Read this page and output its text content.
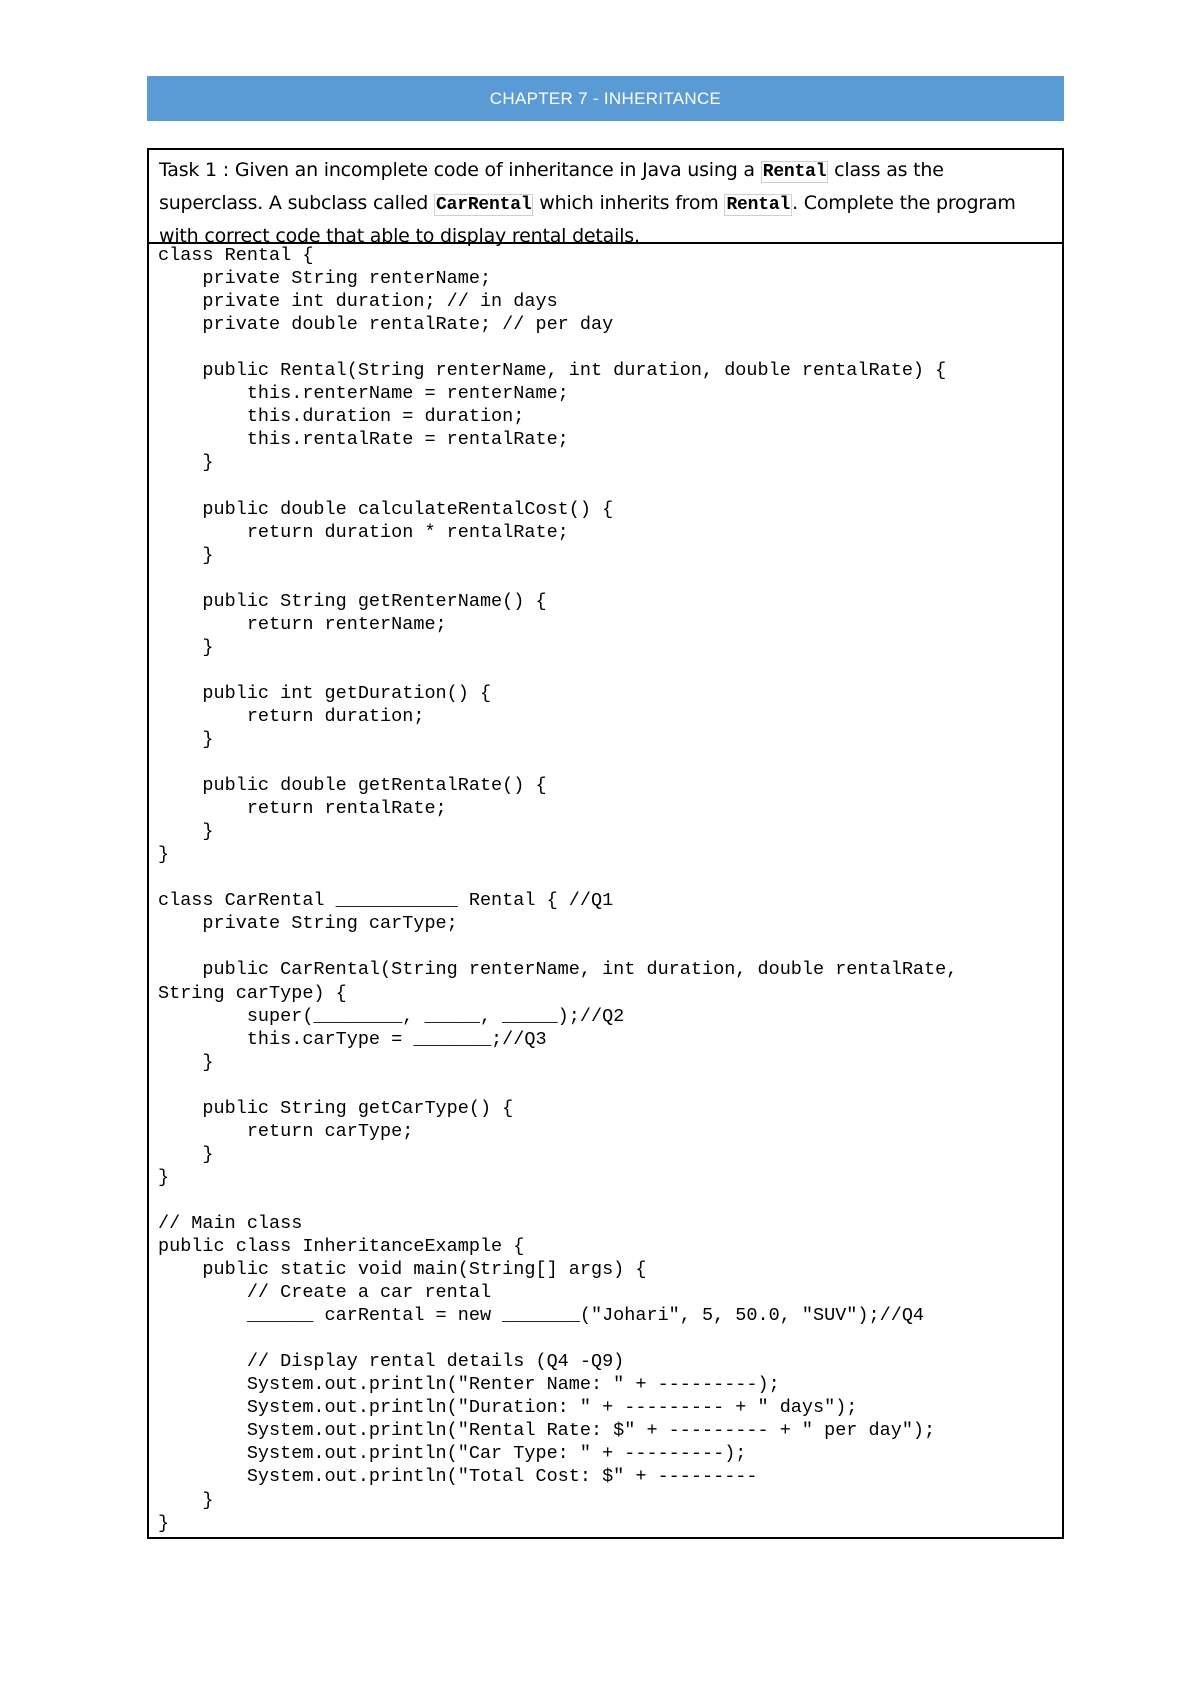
CHAPTER 7 - INHERITANCE
Task 1 : Given an incomplete code of inheritance in Java using a Rental class as the superclass. A subclass called CarRental which inherits from Rental . Complete the program with correct code that able to display rental details.
class Rental {
private String renterName;
private int duration; // in days
private double rentalRate; // per day
public Rental(String renterName, int duration, double rentalRate) {
this.renterName = renterName;
this.duration = duration;
this.rentalRate = rentalRate;
}
public double calculateRentalCost() {
return duration * rentalRate;
}
public String getRenterName() {
return renterName;
}
public int getDuration() {
return duration;
}
public double getRentalRate() {
return rentalRate;
}
}
class CarRental ___________ Rental { //Q1
private String carType;
public CarRental(String renterName, int duration, double rentalRate,
String carType) {
super(________, _____, _____);//Q2
this.carType = _______;//Q3
}
public String getCarType() {
return carType;
}
}
// Main class
public class InheritanceExample {
public static void main(String[] args) {
// Create a car rental
______ carRental = new _______("Johari", 5, 50.0, "SUV");//Q4
// Display rental details (Q4 -Q9)
System.out.println("Renter Name: " + ---------);
System.out.println("Duration: " + --------- + " days");
System.out.println("Rental Rate: $" + --------- + " per day");
System.out.println("Car Type: " + ---------);
System.out.println("Total Cost: $" + ---------
}
}
